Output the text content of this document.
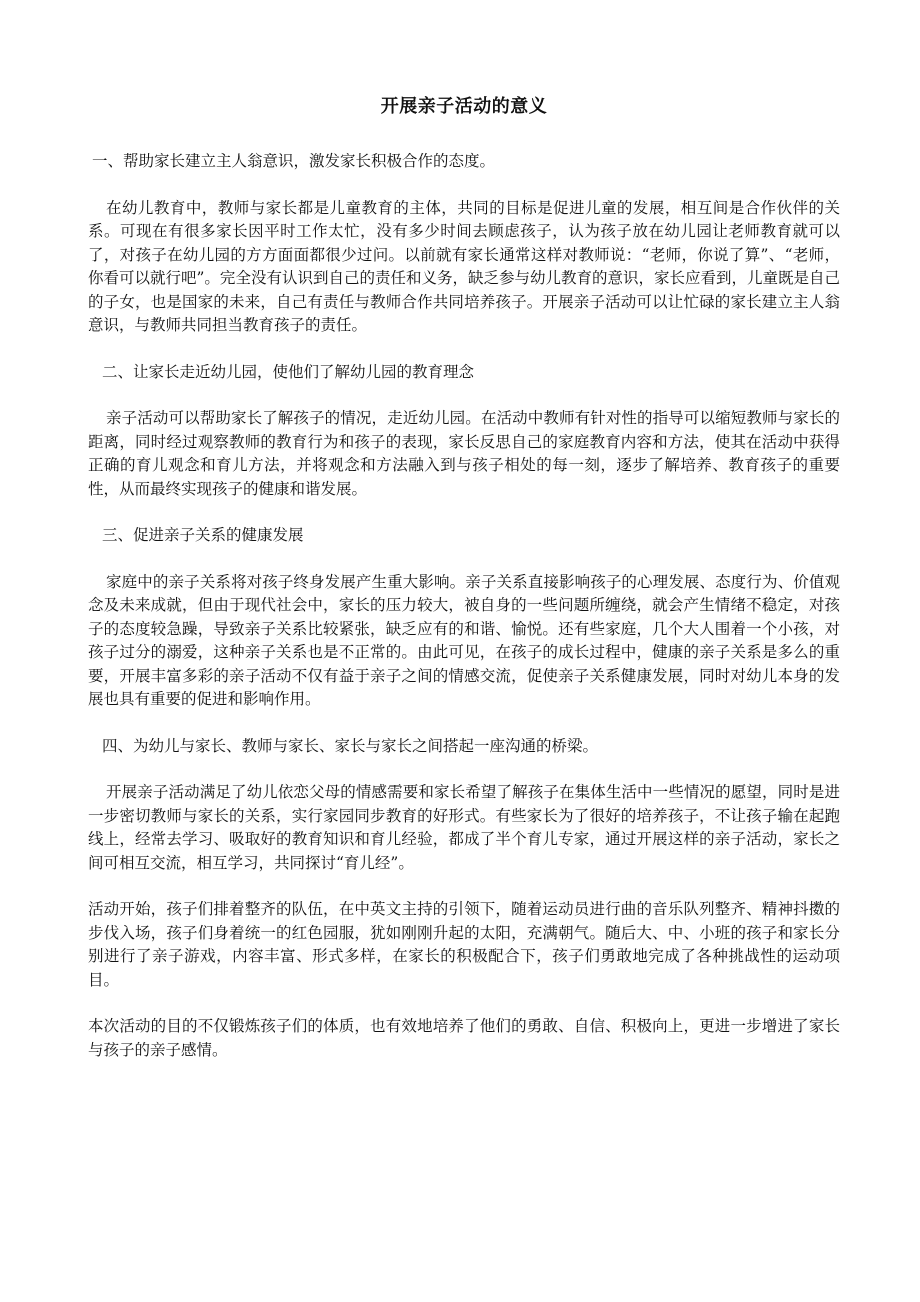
开展亲子活动的意义
一、帮助家长建立主人翁意识，激发家长积极合作的态度。
在幼儿教育中，教师与家长都是儿童教育的主体，共同的目标是促进儿童的发展，相互间是合作伙伴的关系。可现在有很多家长因平时工作太忙，没有多少时间去顾虑孩子，认为孩子放在幼儿园让老师教育就可以了，对孩子在幼儿园的方方面面都很少过问。以前就有家长通常这样对教师说：“老师，你说了算”、“老师，你看可以就行吧”。完全没有认识到自己的责任和义务，缺乏参与幼儿教育的意识，家长应看到，儿童既是自己的子女，也是国家的未来，自己有责任与教师合作共同培养孩子。开展亲子活动可以让忙碌的家长建立主人翁意识，与教师共同担当教育孩子的责任。
二、让家长走近幼儿园，使他们了解幼儿园的教育理念
亲子活动可以帮助家长了解孩子的情况，走近幼儿园。在活动中教师有针对性的指导可以缩短教师与家长的距离，同时经过观察教师的教育行为和孩子的表现，家长反思自己的家庭教育内容和方法，使其在活动中获得正确的育儿观念和育儿方法，并将观念和方法融入到与孩子相处的每一刻，逐步了解培养、教育孩子的重要性，从而最终实现孩子的健康和谐发展。
三、促进亲子关系的健康发展
家庭中的亲子关系将对孩子终身发展产生重大影响。亲子关系直接影响孩子的心理发展、态度行为、价值观念及未来成就，但由于现代社会中，家长的压力较大，被自身的一些问题所缠绕，就会产生情绪不稳定，对孩子的态度较急躁，导致亲子关系比较紧张，缺乏应有的和谐、愉悦。还有些家庭，几个大人围着一个小孩，对孩子过分的溺爱，这种亲子关系也是不正常的。由此可见，在孩子的成长过程中，健康的亲子关系是多么的重要，开展丰富多彩的亲子活动不仅有益于亲子之间的情感交流，促使亲子关系健康发展，同时对幼儿本身的发展也具有重要的促进和影响作用。
四、为幼儿与家长、教师与家长、家长与家长之间搭起一座沟通的桥梁。
开展亲子活动满足了幼儿依恋父母的情感需要和家长希望了解孩子在集体生活中一些情况的愿望，同时是进一步密切教师与家长的关系，实行家园同步教育的好形式。有些家长为了很好的培养孩子，不让孩子输在起跑线上，经常去学习、吸取好的教育知识和育儿经验，都成了半个育儿专家，通过开展这样的亲子活动，家长之间可相互交流，相互学习，共同探讨“育儿经”。
活动开始，孩子们排着整齐的队伍，在中英文主持的引领下，随着运动员进行曲的音乐队列整齐、精神抖擞的步伐入场，孩子们身着统一的红色园服，犹如刚刚升起的太阳，充满朝气。随后大、中、小班的孩子和家长分别进行了亲子游戏，内容丰富、形式多样，在家长的积极配合下，孩子们勇敢地完成了各种挑战性的运动项目。
本次活动的目的不仅锻炼孩子们的体质，也有效地培养了他们的勇敢、自信、积极向上，更进一步增进了家长与孩子的亲子感情。
